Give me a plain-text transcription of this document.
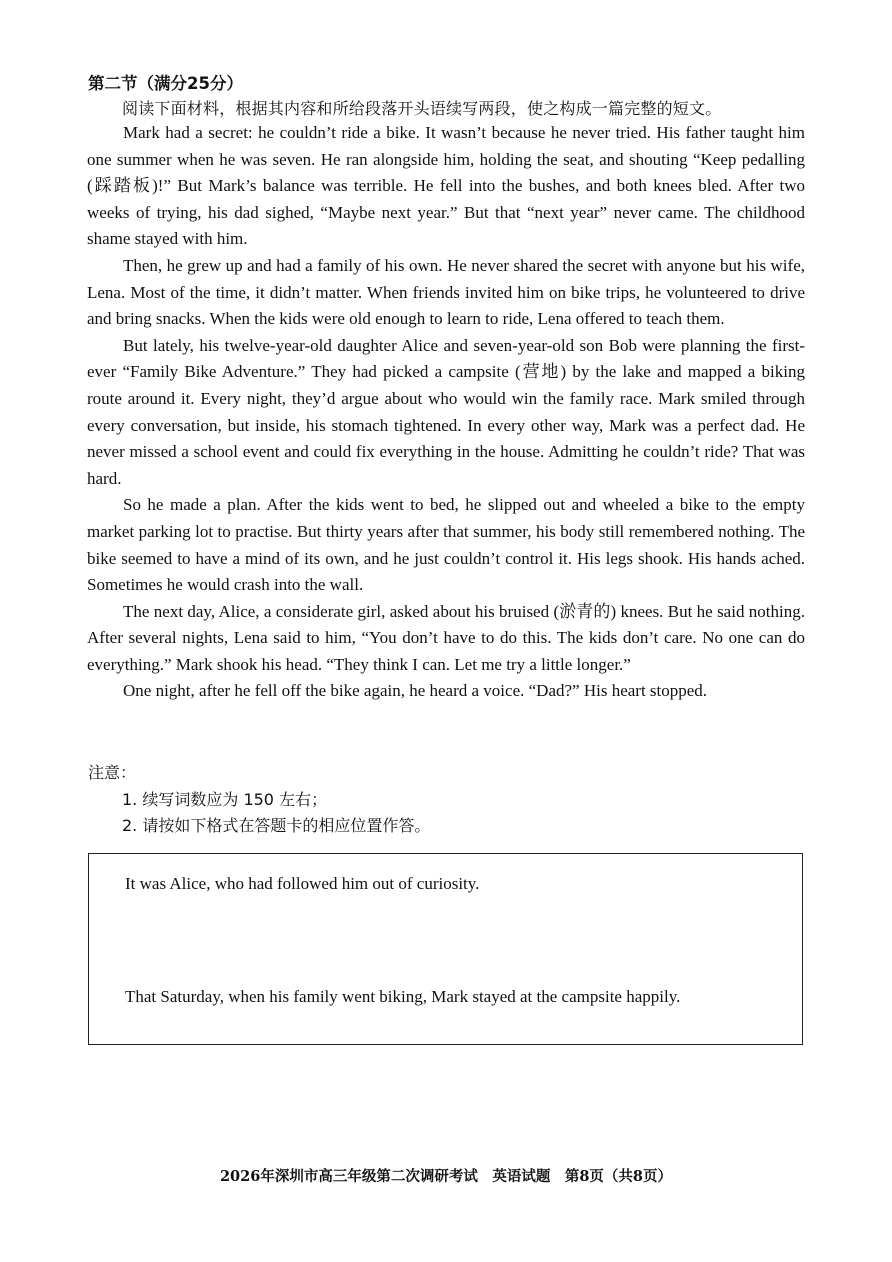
第二节（满分25分）
阅读下面材料，根据其内容和所给段落开头语续写两段，使之构成一篇完整的短文。

Mark had a secret: he couldn’t ride a bike. It wasn’t because he never tried. His father taught him one summer when he was seven. He ran alongside him, holding the seat, and shouting “Keep pedalling (踩踏板)!” But Mark’s balance was terrible. He fell into the bushes, and both knees bled. After two weeks of trying, his dad sighed, “Maybe next year.” But that “next year” never came. The childhood shame stayed with him.

Then, he grew up and had a family of his own. He never shared the secret with anyone but his wife, Lena. Most of the time, it didn’t matter. When friends invited him on bike trips, he volunteered to drive and bring snacks. When the kids were old enough to learn to ride, Lena offered to teach them.

But lately, his twelve-year-old daughter Alice and seven-year-old son Bob were planning the first-ever “Family Bike Adventure.” They had picked a campsite (营地) by the lake and mapped a biking route around it. Every night, they’d argue about who would win the family race. Mark smiled through every conversation, but inside, his stomach tightened. In every other way, Mark was a perfect dad. He never missed a school event and could fix everything in the house. Admitting he couldn’t ride? That was hard.

So he made a plan. After the kids went to bed, he slipped out and wheeled a bike to the empty market parking lot to practise. But thirty years after that summer, his body still remembered nothing. The bike seemed to have a mind of its own, and he just couldn’t control it. His legs shook. His hands ached. Sometimes he would crash into the wall.

The next day, Alice, a considerate girl, asked about his bruised (淤青的) knees. But he said nothing. After several nights, Lena said to him, “You don’t have to do this. The kids don’t care. No one can do everything.” Mark shook his head. “They think I can. Let me try a little longer.”

One night, after he fell off the bike again, he heard a voice. “Dad?” His heart stopped.

注意：
1. 续写词数应为 150 左右；
2. 请按如下格式在答题卡的相应位置作答。
It was Alice, who had followed him out of curiosity.
That Saturday, when his family went biking, Mark stayed at the campsite happily.
2026年深圳市高三年级第二次调研考试　英语试题　第8页（共8页）
